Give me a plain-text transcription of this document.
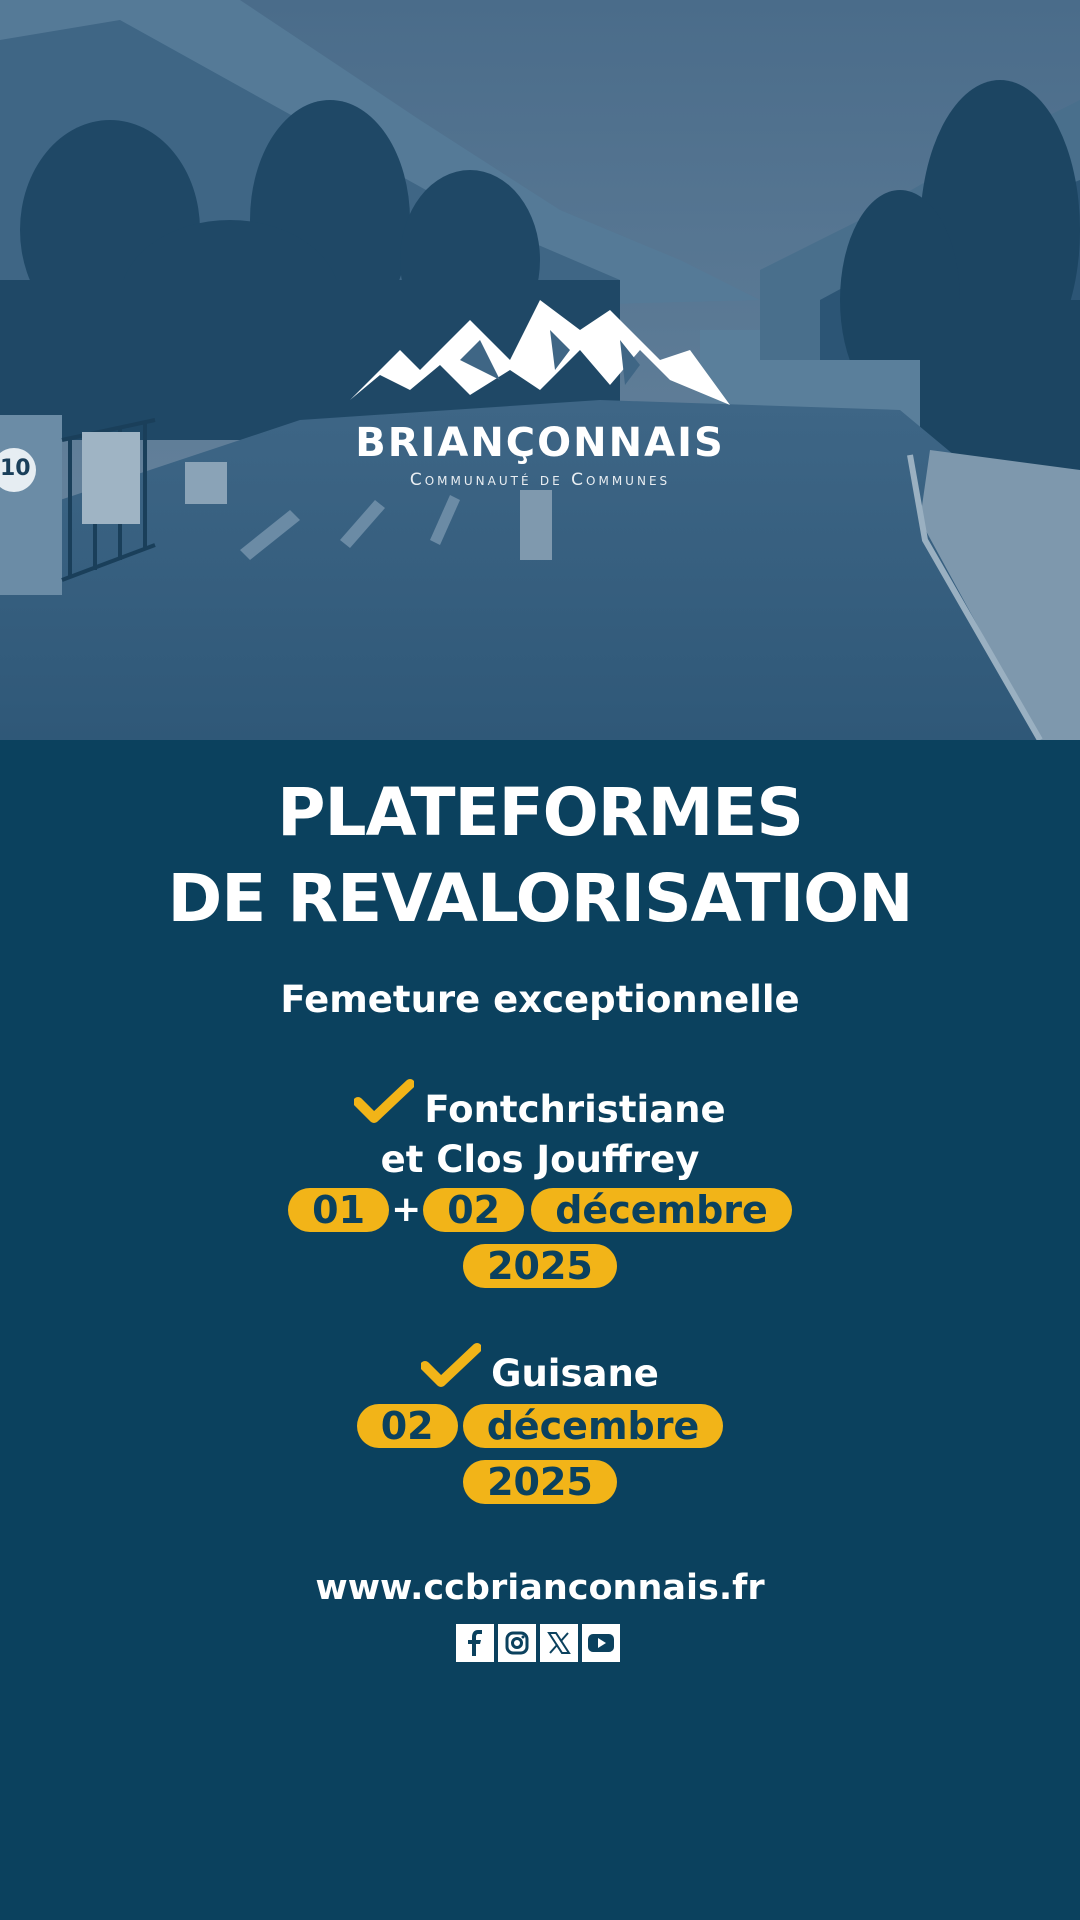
10
BRIANÇONNAIS
Communauté de Communes
PLATEFORMES
DE REVALORISATION
Femeture exceptionnelle
Fontchristiane
et Clos Jouffrey
01 + 02 décembre
2025
Guisane
02 décembre
2025
www.ccbrianconnais.fr
